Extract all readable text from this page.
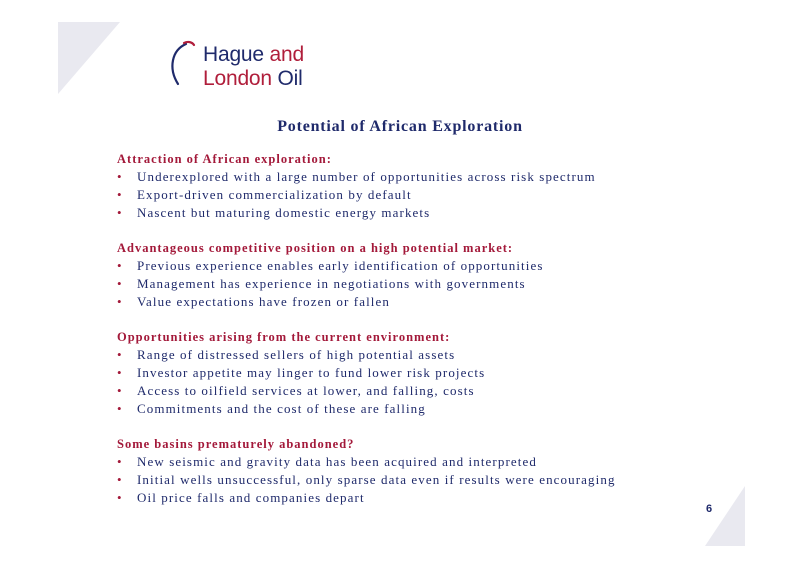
Hague and
London Oil
Potential of African Exploration
Attraction of African exploration:
• Underexplored with a large number of opportunities across risk spectrum
• Export-driven commercialization by default
• Nascent but maturing domestic energy markets
Advantageous competitive position on a high potential market:
• Previous experience enables early identification of opportunities
• Management has experience in negotiations with governments
• Value expectations have frozen or fallen
Opportunities arising from the current environment:
• Range of distressed sellers of high potential assets
• Investor appetite may linger to fund lower risk projects
• Access to oilfield services at lower, and falling, costs
• Commitments and the cost of these are falling
Some basins prematurely abandoned?
• New seismic and gravity data has been acquired and interpreted
• Initial wells unsuccessful, only sparse data even if results were encouraging
• Oil price falls and companies depart
6
